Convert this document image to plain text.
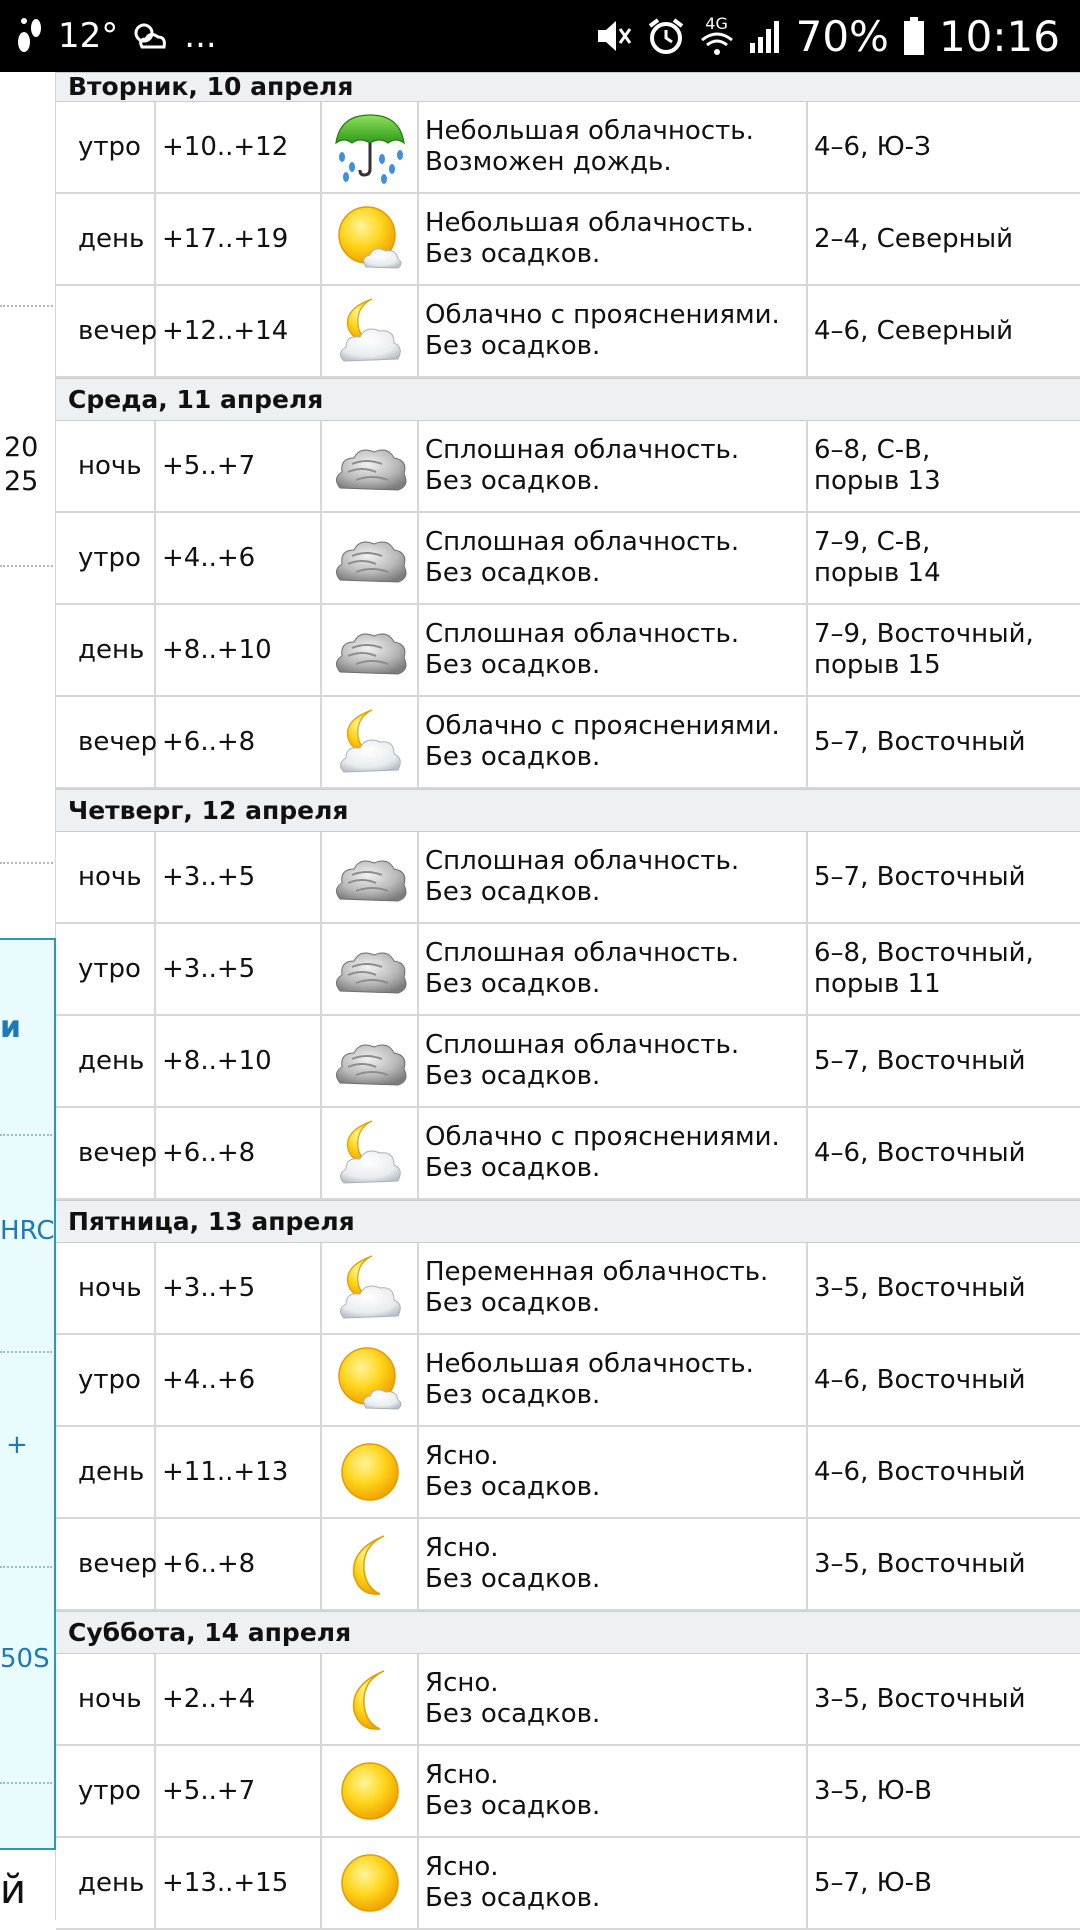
12° ...	4G 70% 10:16
20
25
и
HRC
+
50S
й
Вторник, 10 апреля
утро +10..+12
Небольшая облачность.
Возможен дождь.
4–6, Ю-З
день +17..+19
Небольшая облачность.
Без осадков.
2–4, Северный
вечер +12..+14
Облачно с прояснениями.
Без осадков.
4–6, Северный
Среда, 11 апреля
ночь +5..+7
Сплошная облачность.
Без осадков.
6–8, С-В,
порыв 13
утро +4..+6
Сплошная облачность.
Без осадков.
7–9, С-В,
порыв 14
день +8..+10
Сплошная облачность.
Без осадков.
7–9, Восточный,
порыв 15
вечер +6..+8
Облачно с прояснениями.
Без осадков.
5–7, Восточный
Четверг, 12 апреля
ночь +3..+5
Сплошная облачность.
Без осадков.
5–7, Восточный
утро +3..+5
Сплошная облачность.
Без осадков.
6–8, Восточный,
порыв 11
день +8..+10
Сплошная облачность.
Без осадков.
5–7, Восточный
вечер +6..+8
Облачно с прояснениями.
Без осадков.
4–6, Восточный
Пятница, 13 апреля
ночь +3..+5
Переменная облачность.
Без осадков.
3–5, Восточный
утро +4..+6
Небольшая облачность.
Без осадков.
4–6, Восточный
день +11..+13
Ясно.
Без осадков.
4–6, Восточный
вечер +6..+8
Ясно.
Без осадков.
3–5, Восточный
Суббота, 14 апреля
ночь +2..+4
Ясно.
Без осадков.
3–5, Восточный
утро +5..+7
Ясно.
Без осадков.
3–5, Ю-В
день +13..+15
Ясно.
Без осадков.
5–7, Ю-В
